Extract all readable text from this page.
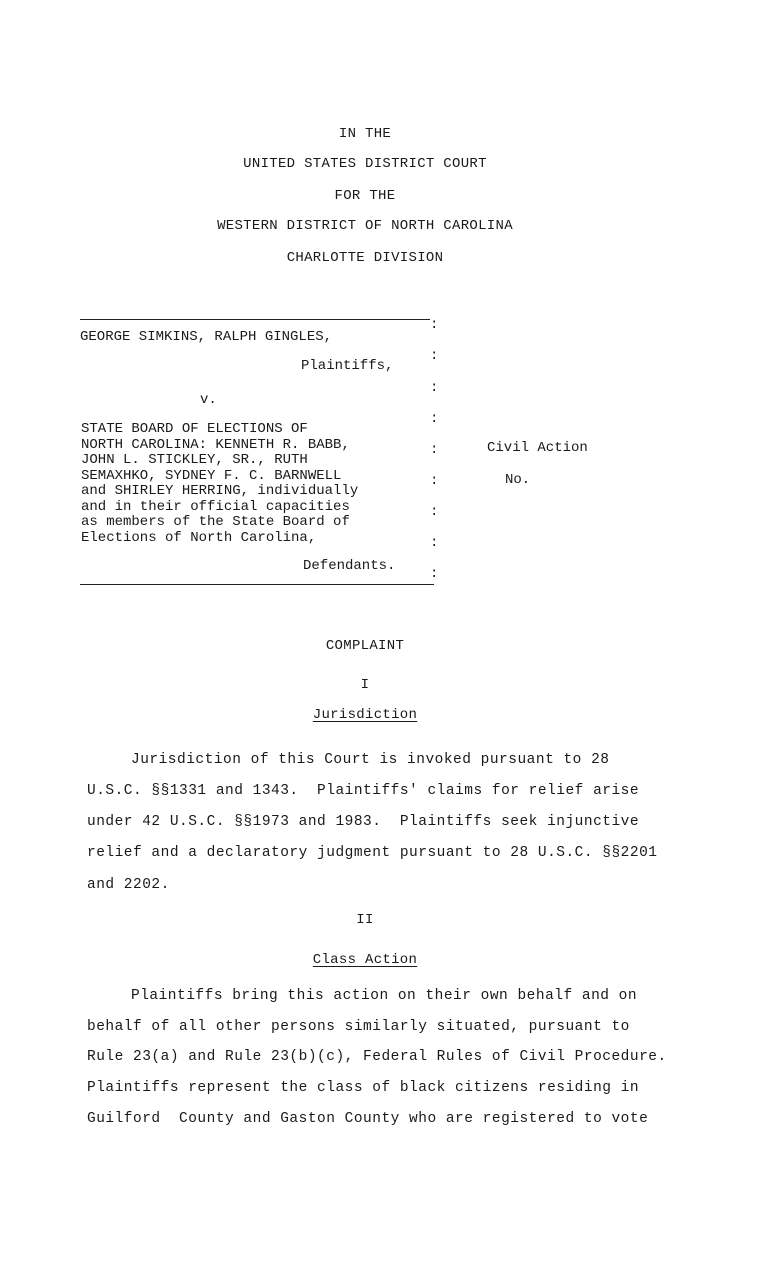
IN THE
UNITED STATES DISTRICT COURT
FOR THE
WESTERN DISTRICT OF NORTH CAROLINA
CHARLOTTE DIVISION
GEORGE SIMKINS, RALPH GINGLES,
Plaintiffs,
v.
STATE BOARD OF ELECTIONS OF
NORTH CAROLINA: KENNETH R. BABB,
JOHN L. STICKLEY, SR., RUTH
SEMAXHKO, SYDNEY F. C. BARNWELL
and SHIRLEY HERRING, individually
and in their official capacities
as members of the State Board of
Elections of North Carolina,
Defendants.
:
:
:
:
:
:
:
:
:
Civil Action
No.
COMPLAINT
I
Jurisdiction
Jurisdiction of this Court is invoked pursuant to 28
U.S.C. §§1331 and 1343.  Plaintiffs' claims for relief arise
under 42 U.S.C. §§1973 and 1983.  Plaintiffs seek injunctive
relief and a declaratory judgment pursuant to 28 U.S.C. §§2201
and 2202.
II
Class Action
Plaintiffs bring this action on their own behalf and on
behalf of all other persons similarly situated, pursuant to
Rule 23(a) and Rule 23(b)(c), Federal Rules of Civil Procedure.
Plaintiffs represent the class of black citizens residing in
Guilford  County and Gaston County who are registered to vote
